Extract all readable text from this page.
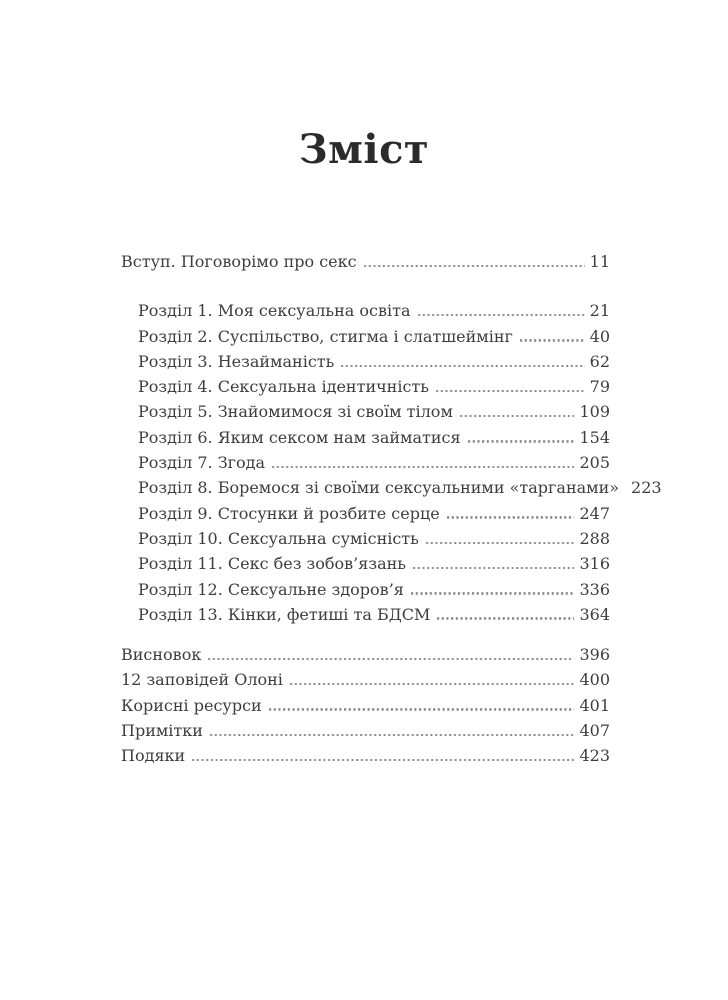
Зміст
Вступ. Поговорімо про секс	11
Розділ 1. Моя сексуальна освіта	21
Розділ 2. Суспільство, стигма і слатшеймінг	40
Розділ 3. Незайманість	62
Розділ 4. Сексуальна ідентичність	79
Розділ 5. Знайомимося зі своїм тілом	109
Розділ 6. Яким сексом нам займатися	154
Розділ 7. Згода	205
Розділ 8. Боремося зі своїми сексуальними «тарганами» 223
Розділ 9. Стосунки й розбите серце	247
Розділ 10. Сексуальна сумісність	288
Розділ 11. Секс без зобов’язань	316
Розділ 12. Сексуальне здоров’я	336
Розділ 13. Кінки, фетиші та БДСМ	364
Висновок	396
12 заповідей Олоні	400
Корисні ресурси	401
Примітки	407
Подяки	423
